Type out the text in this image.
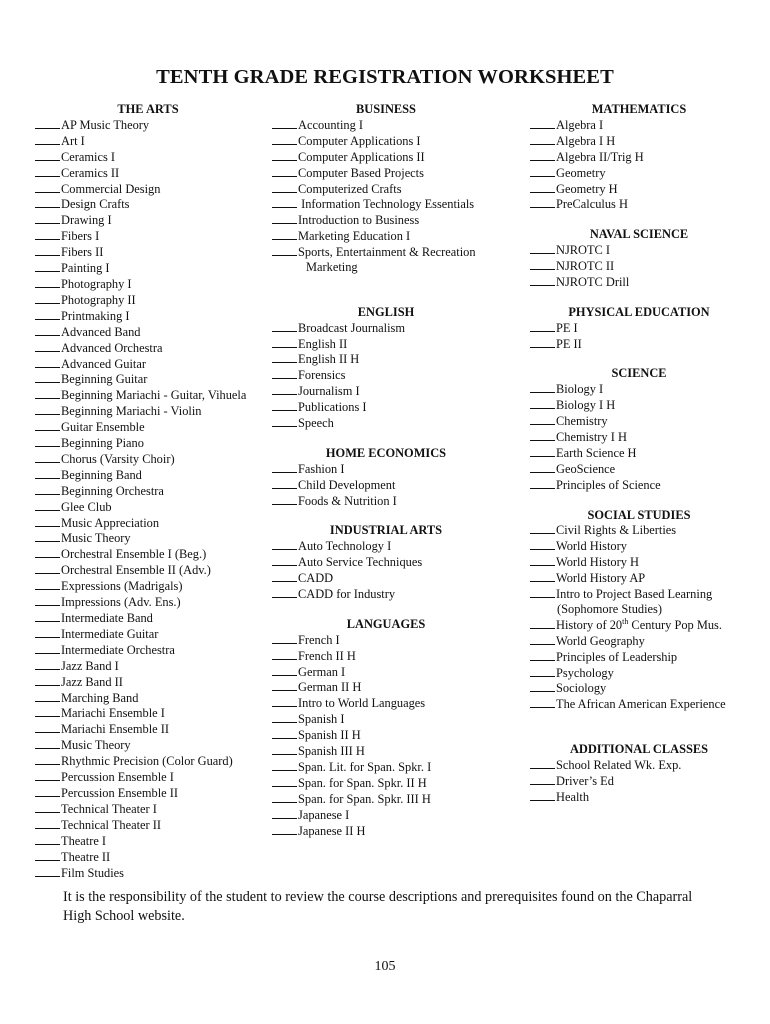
TENTH GRADE REGISTRATION WORKSHEET
THE ARTS
AP Music Theory
Art I
Ceramics I
Ceramics II
Commercial Design
Design Crafts
Drawing I
Fibers I
Fibers II
Painting I
Photography I
Photography II
Printmaking I
Advanced Band
Advanced Orchestra
Advanced Guitar
Beginning Guitar
Beginning Mariachi - Guitar, Vihuela
Beginning Mariachi - Violin
Guitar Ensemble
Beginning Piano
Chorus (Varsity Choir)
Beginning Band
Beginning Orchestra
Glee Club
Music Appreciation
Music Theory
Orchestral Ensemble I (Beg.)
Orchestral Ensemble II (Adv.)
Expressions (Madrigals)
Impressions (Adv. Ens.)
Intermediate Band
Intermediate Guitar
Intermediate Orchestra
Jazz Band I
Jazz Band II
Marching Band
Mariachi Ensemble I
Mariachi Ensemble II
Music Theory
Rhythmic Precision (Color Guard)
Percussion Ensemble I
Percussion Ensemble II
Technical Theater I
Technical Theater II
Theatre I
Theatre II
Film Studies
BUSINESS
Accounting I
Computer Applications I
Computer Applications II
Computer Based Projects
Computerized Crafts
Information Technology Essentials
Introduction to Business
Marketing Education I
Sports, Entertainment & Recreation
Marketing
ENGLISH
Broadcast Journalism
English II
English II H
Forensics
Journalism I
Publications I
Speech
HOME ECONOMICS
Fashion I
Child Development
Foods & Nutrition I
INDUSTRIAL ARTS
Auto Technology I
Auto Service Techniques
CADD
CADD for Industry
LANGUAGES
French I
French II H
German I
German II H
Intro to World Languages
Spanish I
Spanish II H
Spanish III H
Span. Lit. for Span. Spkr. I
Span. for Span. Spkr. II H
Span. for Span. Spkr. III H
Japanese I
Japanese II H
MATHEMATICS
Algebra I
Algebra I H
Algebra II/Trig H
Geometry
Geometry H
PreCalculus H
NAVAL SCIENCE
NJROTC I
NJROTC II
NJROTC Drill
PHYSICAL EDUCATION
PE I
PE II
SCIENCE
Biology I
Biology I H
Chemistry
Chemistry I H
Earth Science H
GeoScience
Principles of Science
SOCIAL STUDIES
Civil Rights & Liberties
World History
World History H
World History AP
Intro to Project Based Learning
(Sophomore Studies)
History of 20th Century Pop Mus.
World Geography
Principles of Leadership
Psychology
Sociology
The African American Experience
ADDITIONAL CLASSES
School Related Wk. Exp.
Driver’s Ed
Health
It is the responsibility of the student to review the course descriptions and prerequisites found on the Chaparral High School website.
105
